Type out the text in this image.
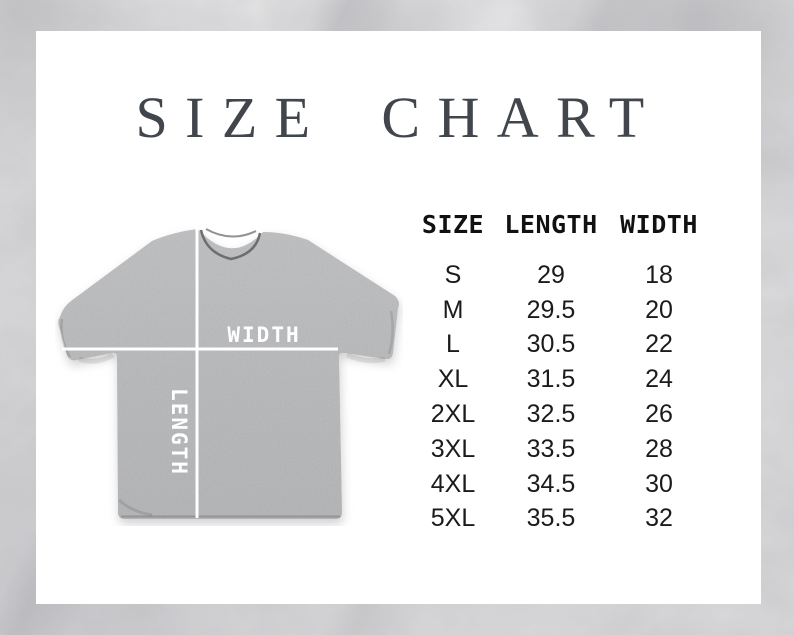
SIZE CHART
WIDTH
LENGTH
SIZE LENGTH WIDTH
S	29	18
M	29.5	20
L	30.5	22
XL	31.5	24
2XL	32.5	26
3XL	33.5	28
4XL	34.5	30
5XL	35.5	32
